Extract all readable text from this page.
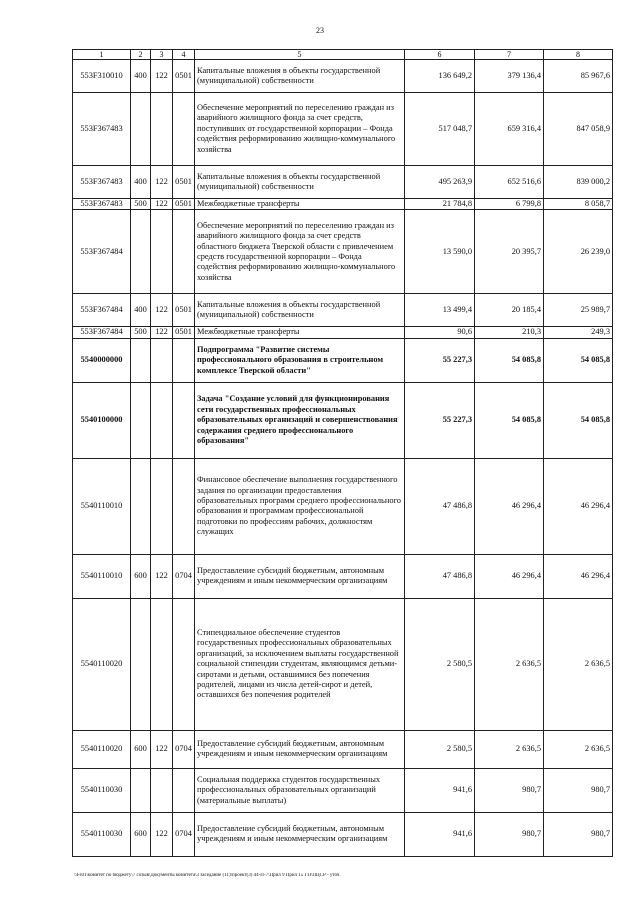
23
1	2	3	4	5	6	7	8
553F310010	400	122	0501	Капитальные вложения в объекты государственной (муниципальной) собственности	136 649,2	379 136,4	85 967,6
553F367483				Обеспечение мероприятий по переселению граждан из аварийного жилищного фонда за счет средств, поступивших от государственной корпорации – Фонда содействия реформированию жилищно-коммунального хозяйства	517 048,7	659 316,4	847 058,9
553F367483	400	122	0501	Капитальные вложения в объекты государственной (муниципальной) собственности	495 263,9	652 516,6	839 000,2
553F367483	500	122	0501	Межбюджетные трансферты	21 784,8	6 799,8	8 058,7
553F367484				Обеспечение мероприятий по переселению граждан из аварийного жилищного фонда за счет средств областного бюджета Тверской области с привлечением средств государственной корпорации – Фонда содействия реформированию жилищно-коммунального хозяйства	13 590,0	20 395,7	26 239,0
553F367484	400	122	0501	Капитальные вложения в объекты государственной (муниципальной) собственности	13 499,4	20 185,4	25 989,7
553F367484	500	122	0501	Межбюджетные трансферты	90,6	210,3	249,3
5540000000				Подпрограмма "Развитие системы профессионального образования в строительном комплексе Тверской области"	55 227,3	54 085,8	54 085,8
5540100000				Задача "Создание условий для функционирования сети государственных профессиональных образовательных организаций и совершенствования содержания среднего профессионального образования"	55 227,3	54 085,8	54 085,8
5540110010				Финансовое обеспечение выполнения государственного задания по организации предоставления образовательных программ среднего профессионального образования и программам профессиональной подготовки по профессиям рабочих, должностям служащих	47 486,8	46 296,4	46 296,4
5540110010	600	122	0704	Предоставление субсидий бюджетным, автономным учреждениям и иным некоммерческим организациям	47 486,8	46 296,4	46 296,4
5540110020				Стипендиальное обеспечение студентов государственных профессиональных образовательных организаций, за исключением выплаты государственной социальной стипендии студентам, являющимся детьми-сиротами и детьми, оставшимися без попечения родителей, лицами из числа детей-сирот и детей, оставшихся без попечения родителей	2 580,5	2 636,5	2 636,5
5540110020	600	122	0704	Предоставление субсидий бюджетным, автономным учреждениям и иным некоммерческим организациям	2 580,5	2 636,5	2 636,5
5540110030				Социальная поддержка студентов государственных профессиональных образовательных организаций (материальные выплаты)	941,6	980,7	980,7
5540110030	600	122	0704	Предоставление субсидий бюджетным, автономным учреждениям и иным некоммерческим организациям	941,6	980,7	980,7
\\Fs01\комитет по бюджету\7 созыв\Документы комитета\3 заседание (11)\проект(3) 44-П-7\Прил 9 Прил 15 ГП\ПЦСР - уточ.
